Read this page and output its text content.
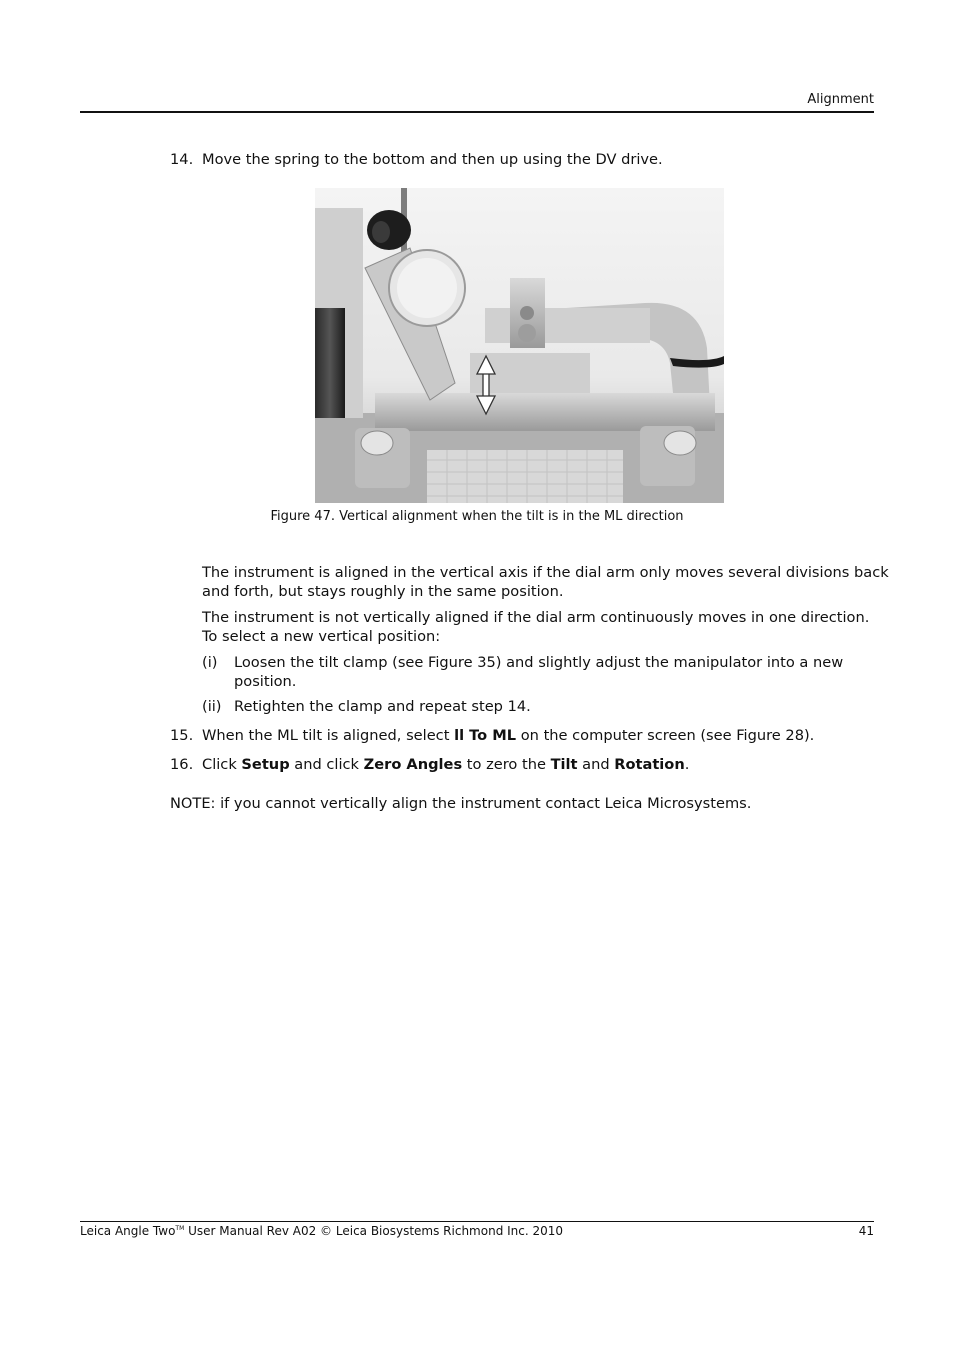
Alignment
14. Move the spring to the bottom and then up using the DV drive.
Figure 47. Vertical alignment when the tilt is in the ML direction
The instrument is aligned in the vertical axis if the dial arm only moves several divisions back
and forth, but stays roughly in the same position.
The instrument is not vertically aligned if the dial arm continuously moves in one direction.
To select a new vertical position:
(i) Loosen the tilt clamp (see Figure 35) and slightly adjust the manipulator into a new
position.
(ii) Retighten the clamp and repeat step 14.
15. When the ML tilt is aligned, select ll To ML on the computer screen (see Figure 28).
16. Click Setup and click Zero Angles to zero the Tilt and Rotation.
NOTE: if you cannot vertically align the instrument contact Leica Microsystems.
Leica Angle Two™ User Manual Rev A02 © Leica Biosystems Richmond Inc. 2010	41
